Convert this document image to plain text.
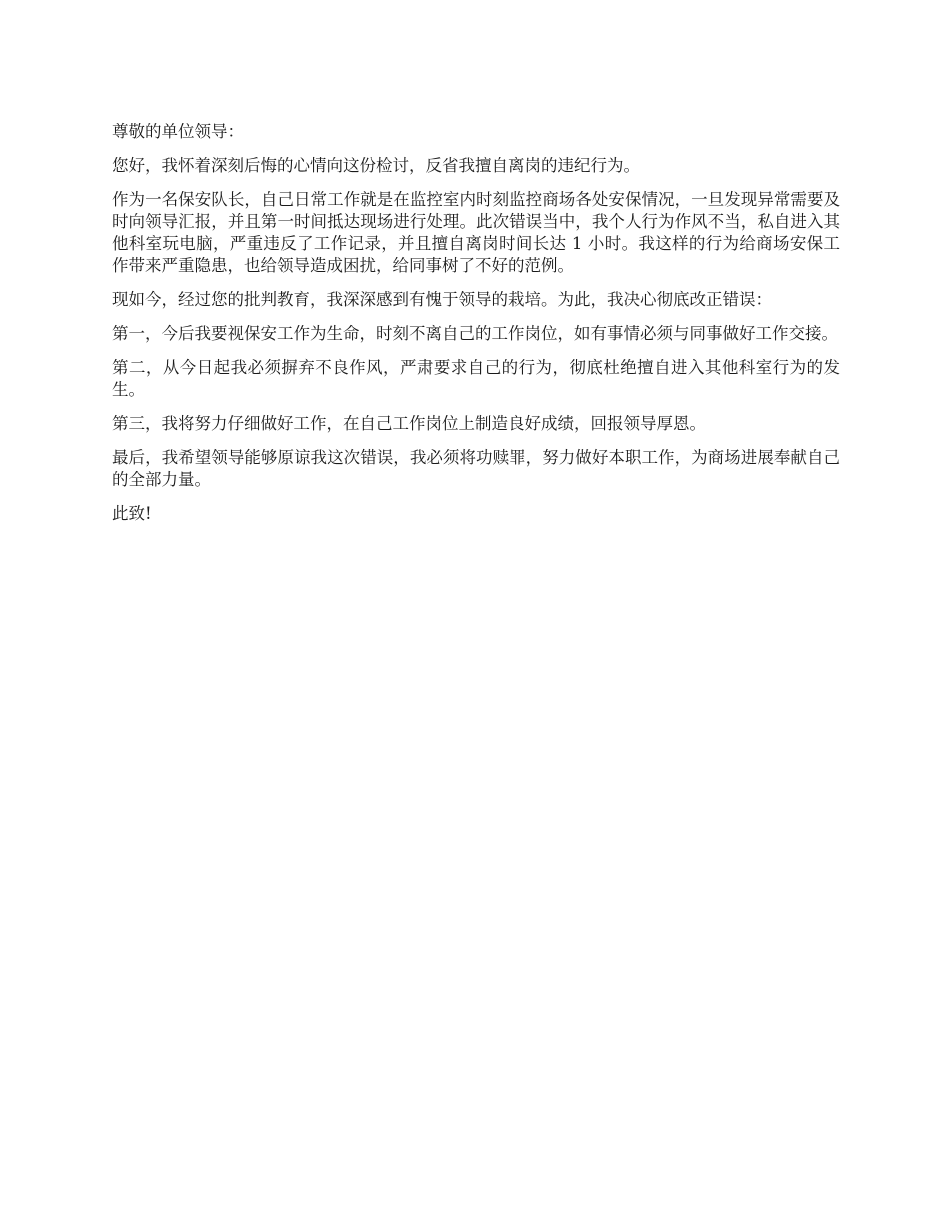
尊敬的单位领导：

您好，我怀着深刻后悔的心情向这份检讨，反省我擅自离岗的违纪行为。

作为一名保安队长，自己日常工作就是在监控室内时刻监控商场各处安保情况，一旦发现异常需要及时向领导汇报，并且第一时间抵达现场进行处理。此次错误当中，我个人行为作风不当，私自进入其他科室玩电脑，严重违反了工作记录，并且擅自离岗时间长达 1 小时。我这样的行为给商场安保工作带来严重隐患，也给领导造成困扰，给同事树了不好的范例。

现如今，经过您的批判教育，我深深感到有愧于领导的栽培。为此，我决心彻底改正错误：

第一，今后我要视保安工作为生命，时刻不离自己的工作岗位，如有事情必须与同事做好工作交接。

第二，从今日起我必须摒弃不良作风，严肃要求自己的行为，彻底杜绝擅自进入其他科室行为的发生。

第三，我将努力仔细做好工作，在自己工作岗位上制造良好成绩，回报领导厚恩。

最后，我希望领导能够原谅我这次错误，我必须将功赎罪，努力做好本职工作，为商场进展奉献自己的全部力量。

此致!
